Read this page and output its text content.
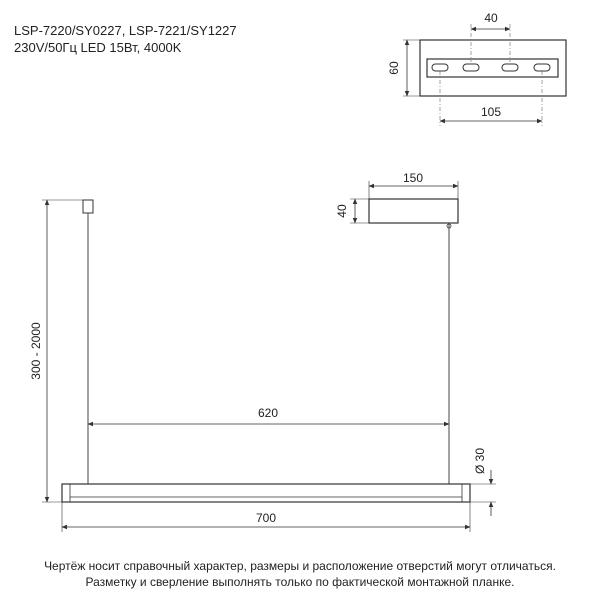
LSP-7220/SY0227, LSP-7221/SY1227
230V/50Гц LED 15Вт, 4000K
40
60
105
150
40
300 - 2000
620
Ø 30
700
Чертёж носит справочный характер, размеры и расположение отверстий могут отличаться.
Разметку и сверление выполнять только по фактической монтажной планке.
